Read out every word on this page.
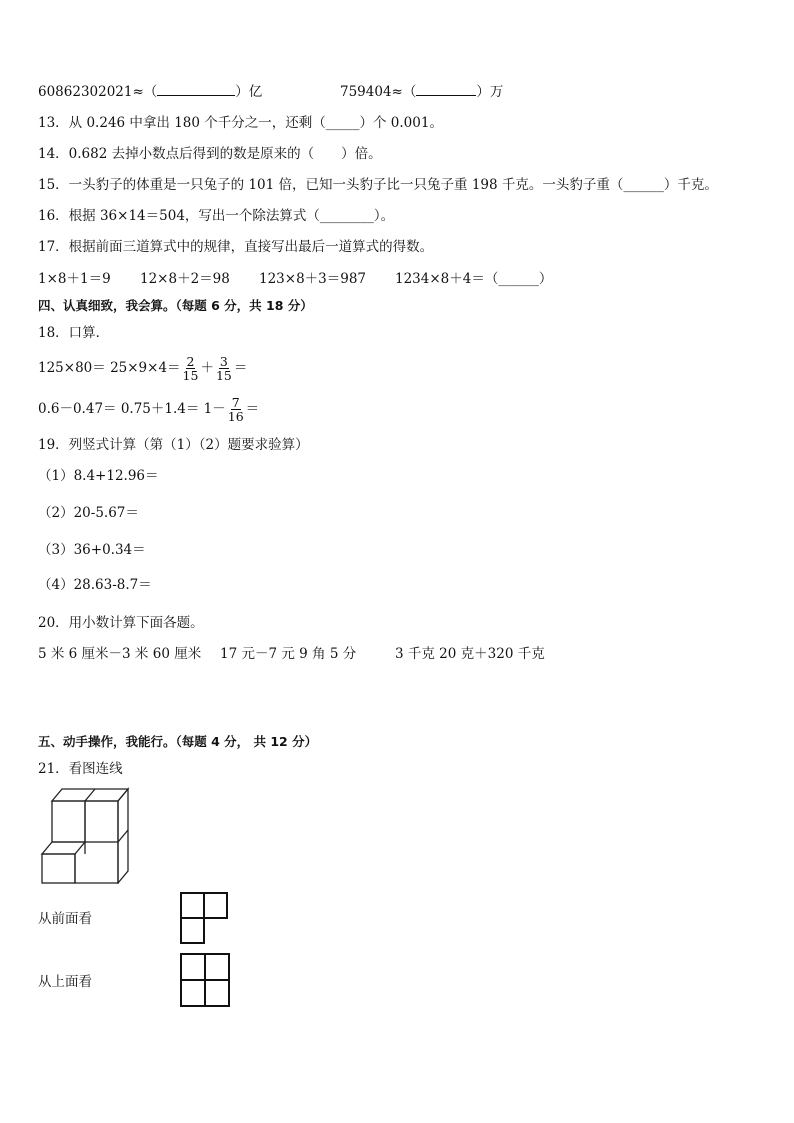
60862302021≈（	）亿	759404≈（	）万
13．从 0.246 中拿出 180 个千分之一，还剩（_____）个 0.001。
14．0.682 去掉小数点后得到的数是原来的（　　）倍。
15．一头豹子的体重是一只兔子的 101 倍，已知一头豹子比一只兔子重 198 千克。一头豹子重（______）千克。
16．根据 36×14＝504，写出一个除法算式（________）。
17．根据前面三道算式中的规律，直接写出最后一道算式的得数。
1×8＋1＝9 12×8＋2＝98 123×8＋3＝987 1234×8＋4＝（______）
四、认真细致，我会算。（每题 6 分，共 18 分）
18．口算．
$125\times 80= 25\times 9\times 4= \frac{2}{15} + \frac{3}{15}$ ＝
$0.6-0.47= 0.75+1.4= 1- \frac{7}{16}$ ＝
19．列竖式计算（第（1）（2）题要求验算）
（1）8.4+12.96＝
（2）20-5.67＝
（3）36+0.34＝
（4）28.63-8.7＝
20．用小数计算下面各题。
5 米 6 厘米－3 米 60 厘米 17 元－7 元 9 角 5 分	3 千克 20 克＋320 千克
五、动手操作，我能行。（每题 4 分， 共 12 分）
21．看图连线
从前面看
从上面看
